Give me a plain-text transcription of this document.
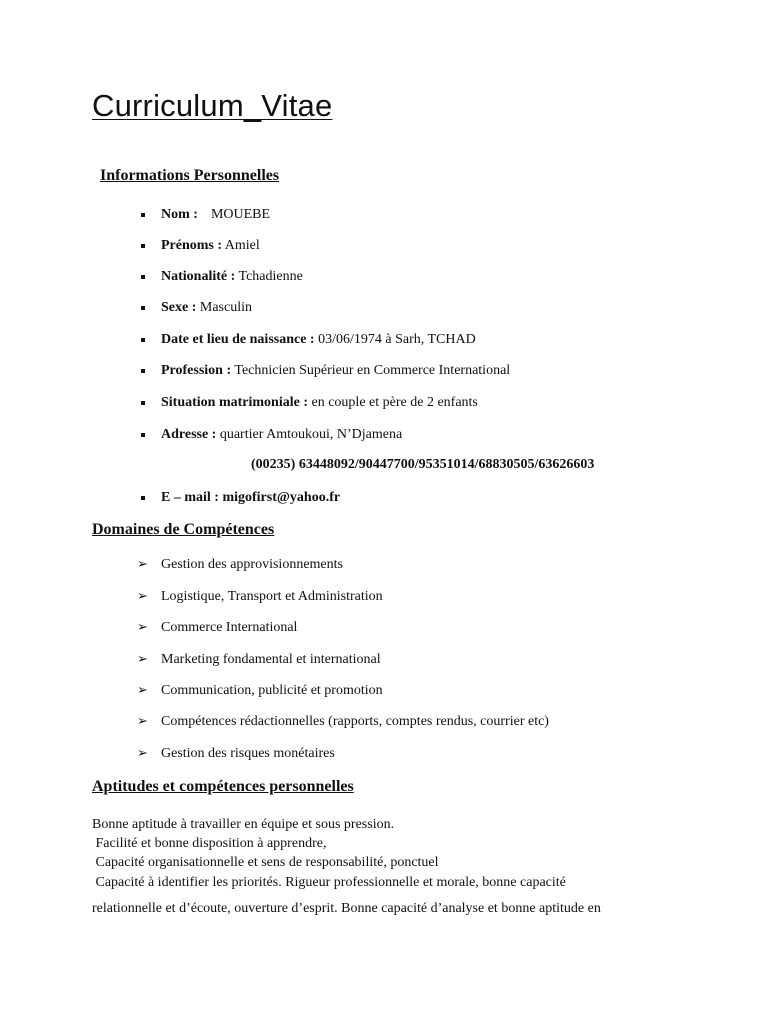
Curriculum_Vitae
Informations Personnelles
Nom : MOUEBE
Prénoms : Amiel
Nationalité : Tchadienne
Sexe : Masculin
Date et lieu de naissance : 03/06/1974 à Sarh, TCHAD
Profession : Technicien Supérieur en Commerce International
Situation matrimoniale : en couple et père de 2 enfants
Adresse : quartier Amtoukoui, N’Djamena
E – mail : migofirst@yahoo.fr
(00235) 63448092/90447700/95351014/68830505/63626603
Domaines de Compétences
➢ Gestion des approvisionnements
➢ Logistique, Transport et Administration
➢ Commerce International
➢ Marketing fondamental et international
➢ Communication, publicité et promotion
➢ Compétences rédactionnelles (rapports, comptes rendus, courrier etc)
➢ Gestion des risques monétaires
Aptitudes et compétences personnelles

Bonne aptitude à travailler en équipe et sous pression.

Facilité et bonne disposition à apprendre,

Capacité organisationnelle et sens de responsabilité, ponctuel

Capacité à identifier les priorités. Rigueur professionnelle et morale, bonne capacité

relationnelle et d’écoute, ouverture d’esprit. Bonne capacité d’analyse et bonne aptitude en
